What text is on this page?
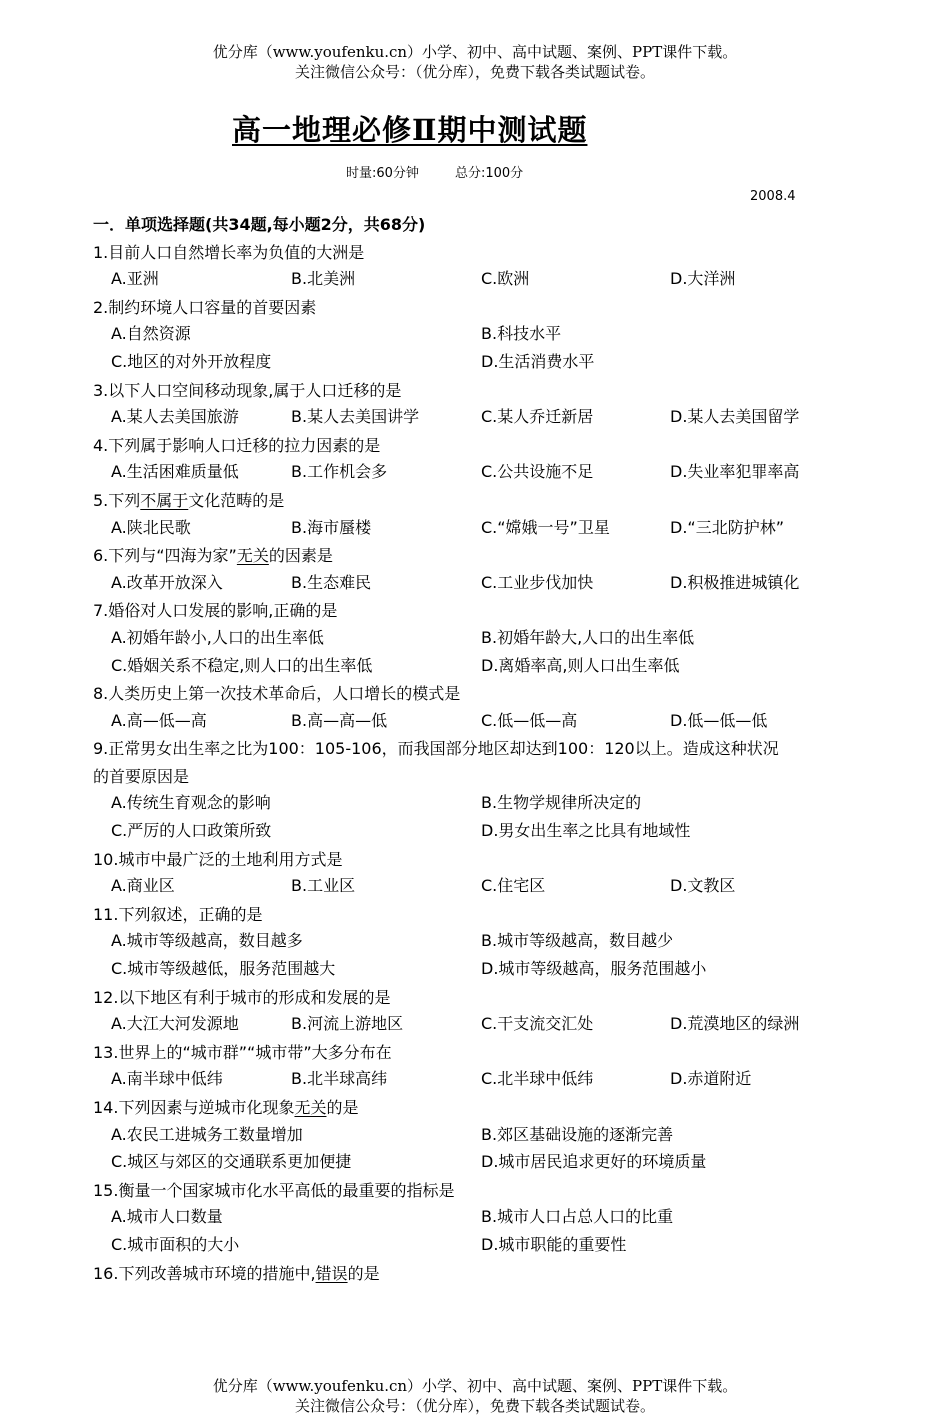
优分库（www.youfenku.cn）小学、初中、高中试题、案例、PPT课件下载。
关注微信公众号：（优分库），免费下载各类试题试卷。
高一地理必修Ⅱ期中测试题
时量:60分钟	总分:100分
2008.4
一．单项选择题(共34题,每小题2分，共68分)
1.目前人口自然增长率为负值的大洲是
A.亚洲	B.北美洲	C.欧洲	D.大洋洲
2.制约环境人口容量的首要因素
A.自然资源	B.科技水平
C.地区的对外开放程度	D.生活消费水平
3.以下人口空间移动现象,属于人口迁移的是
A.某人去美国旅游	B.某人去美国讲学	C.某人乔迁新居	D.某人去美国留学
4.下列属于影响人口迁移的拉力因素的是
A.生活困难质量低	B.工作机会多	C.公共设施不足	D.失业率犯罪率高
5.下列不属于文化范畴的是
A.陕北民歌	B.海市蜃楼	C.“嫦娥一号”卫星	D.“三北防护林”
6.下列与“四海为家”无关的因素是
A.改革开放深入	B.生态难民	C.工业步伐加快	D.积极推进城镇化
7.婚俗对人口发展的影响,正确的是
A.初婚年龄小,人口的出生率低	B.初婚年龄大,人口的出生率低
C.婚姻关系不稳定,则人口的出生率低	D.离婚率高,则人口出生率低
8.人类历史上第一次技术革命后，人口增长的模式是
A.高—低—高	B.高—高—低	C.低—低—高	D.低—低—低
9.正常男女出生率之比为100：105-106，而我国部分地区却达到100：120以上。造成这种状况
的首要原因是
A.传统生育观念的影响	B.生物学规律所决定的
C.严厉的人口政策所致	D.男女出生率之比具有地域性
10.城市中最广泛的土地利用方式是
A.商业区	B.工业区	C.住宅区	D.文教区
11.下列叙述，正确的是
A.城市等级越高，数目越多	B.城市等级越高，数目越少
C.城市等级越低，服务范围越大	D.城市等级越高，服务范围越小
12.以下地区有利于城市的形成和发展的是
A.大江大河发源地	B.河流上游地区	C.干支流交汇处	D.荒漠地区的绿洲
13.世界上的“城市群”“城市带”大多分布在
A.南半球中低纬	B.北半球高纬	C.北半球中低纬	D.赤道附近
14.下列因素与逆城市化现象无关的是
A.农民工进城务工数量增加	B.郊区基础设施的逐渐完善
C.城区与郊区的交通联系更加便捷	D.城市居民追求更好的环境质量
15.衡量一个国家城市化水平高低的最重要的指标是
A.城市人口数量	B.城市人口占总人口的比重
C.城市面积的大小	D.城市职能的重要性
16.下列改善城市环境的措施中,错误的是
优分库（www.youfenku.cn）小学、初中、高中试题、案例、PPT课件下载。
关注微信公众号：（优分库），免费下载各类试题试卷。
